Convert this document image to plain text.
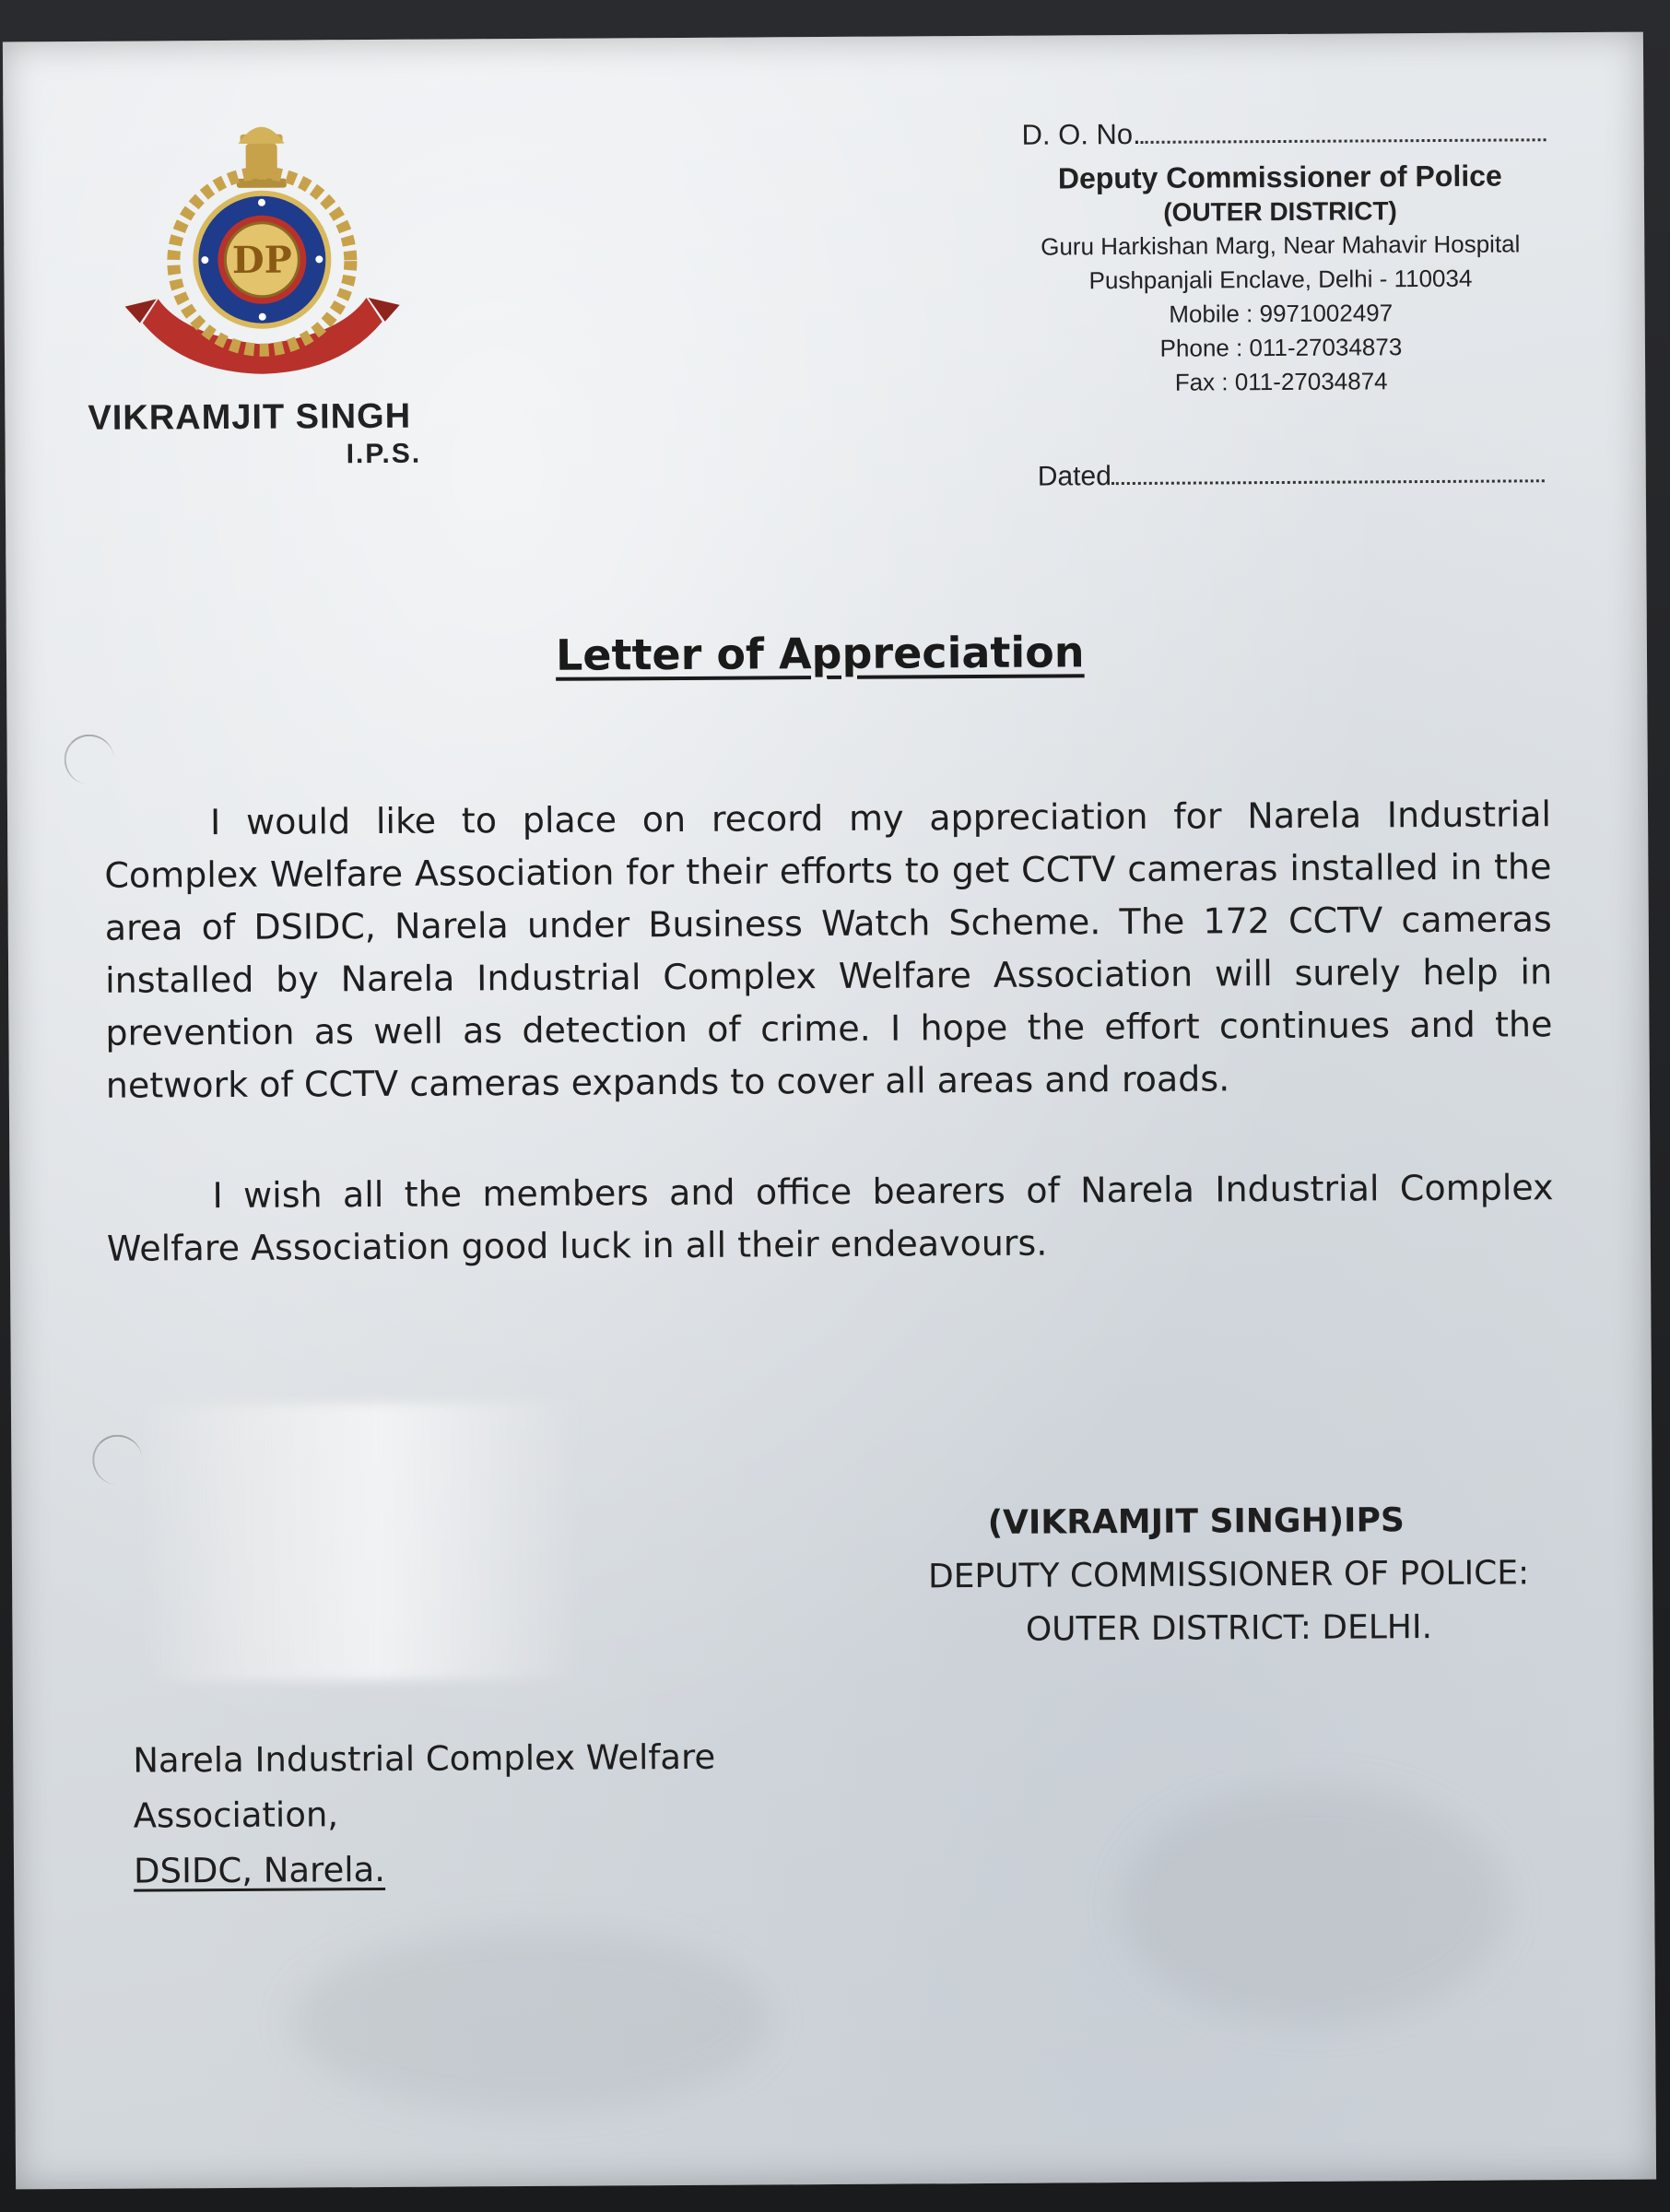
DP
VIKRAMJIT SINGH
I.P.S.
D. O. No.
Deputy Commissioner of Police
(OUTER DISTRICT)
Guru Harkishan Marg, Near Mahavir Hospital
Pushpanjali Enclave, Delhi - 110034
Mobile : 9971002497
Phone : 011-27034873
Fax : 011-27034874
Dated
Letter of Appreciation
I would like to place on record my appreciation for Narela Industrial Complex Welfare Association for their efforts to get CCTV cameras installed in the area of DSIDC, Narela under Business Watch Scheme. The 172 CCTV cameras installed by Narela Industrial Complex Welfare Association will surely help in prevention as well as detection of crime. I hope the effort continues and the network of CCTV cameras expands to cover all areas and roads.
I wish all the members and office bearers of Narela Industrial Complex Welfare Association good luck in all their endeavours.
(VIKRAMJIT SINGH)IPS
DEPUTY COMMISSIONER OF POLICE:
OUTER DISTRICT: DELHI.
Narela Industrial Complex Welfare
Association,
DSIDC, Narela.
